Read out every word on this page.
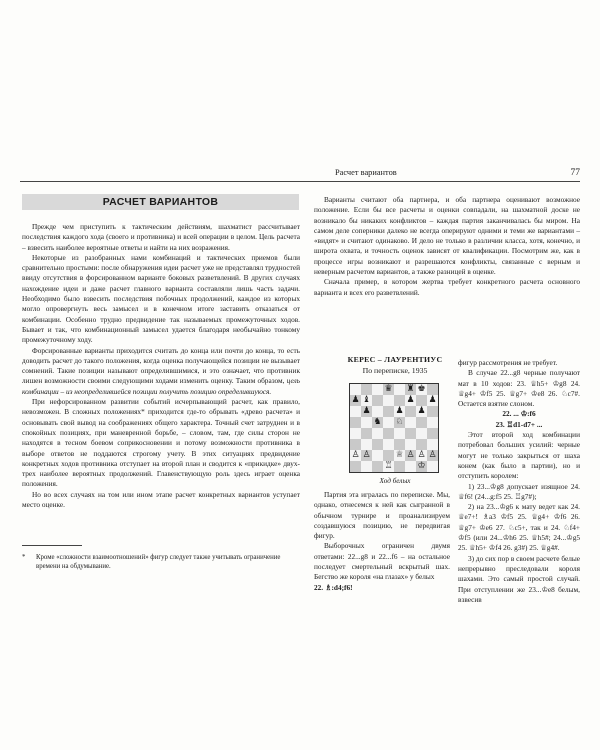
Расчет вариантов	77
РАСЧЕТ ВАРИАНТОВ

Прежде чем приступить к тактическим действиям, шахматист рассчитывает последствия каждого хода (своего и противника) и всей операции в целом. Цель расчета – взвесить наиболее вероятные ответы и найти на них возражения.

Некоторые из разобранных нами комбинаций и тактических приемов были сравнительно простыми: после обнаружения идеи расчет уже не представлял трудностей ввиду отсутствия в форсированном варианте боковых разветвлений. В других случаях нахождение идеи и даже расчет главного варианта составляли лишь часть задачи. Необходимо было взвесить последствия побочных продолжений, каждое из которых могло опровергнуть весь замысел и в конечном итоге заставить отказаться от комбинации. Особенно трудно предвидение так называемых промежуточных ходов. Бывает и так, что комбинационный замысел удается благодаря необычайно тонкому промежуточному ходу.

Форсированные варианты приходится считать до конца или почти до конца, то есть доводить расчет до такого положения, когда оценка получающейся позиции не вызывает сомнений. Такие позиции называют определившимися, и это означает, что противник лишен возможности своими следующими ходами изменить оценку. Таким образом, цель комбинации – из неопределившейся позиции получить позицию определившуюся.

При нефорсированном развитии событий исчерпывающий расчет, как правило, невозможен. В сложных положениях* приходится где-то обрывать «древо расчета» и основывать свой вывод на соображениях общего характера. Точный счет затруднен и в спокойных позициях, при маневренной борьбе, – словом, там, где силы сторон не находятся в тесном боевом соприкосновении и потому возможности противника в выборе ответов не поддаются строгому учету. В этих ситуациях предвидение конкретных ходов противника отступает на второй план и сводится к «прикидке» двух-трех наиболее вероятных продолжений. Главенствующую роль здесь играет оценка положения.

Но во всех случаях на том или ином этапе расчет конкретных вариантов уступает место оценке.

*	Кроме «сложности взаимоотношений» фигур следует также учитывать ограничение времени на обдумывание.

Варианты считают оба партнера, и оба партнера оценивают возможное положение. Если бы все расчеты и оценки совпадали, на шахматной доске не возникало бы никаких конфликтов – каждая партия заканчивалась бы миром. На самом деле соперники далеко не всегда оперируют одними и теми же вариантами – «видят» и считают одинаково. И дело не только в различии класса, хотя, конечно, и широта охвата, и точность оценок зависят от квалификации. Посмотрим же, как в процессе игры возникают и разрешаются конфликты, связанные с верным и неверным расчетом вариантов, а также разницей в оценке.

Сначала пример, в котором жертва требует конкретного расчета основного варианта и всех его разветвлений.

КЕРЕС – ЛАУРЕНТИУС
По переписке, 1935
♛ ♜ ♚
♟ ♝	♟ ♟
♟	♟ ♟
♞ ♘
♙ ♙	♕ ♙ ♙ ♙
♖	♔
Ход белых

Партия эта игралась по переписке. Мы, однако, отнесемся к ней как сыгранной в обычном турнире и проанализируем создавшуюся позицию, не передвигая фигур.

Выборочных ограничен двумя ответами: 22...g8 и 22...f6 – на остальное последует смертельный вскрытый шах. Бегство же короля «на глазах» у белых

22. ♗:d4;f6!

фигур рассмотрения не требует.

В случае 22...g8 черные получают мат в 10 ходов: 23. ♕h5+ ♔g8 24. ♕g4+ ♔f5 25. ♕g7+ ♔e8 26. ♘c7#. Остается взятие слоном.

22. ... ♔:f6

23. ♖d1-d7+ ...

Этот второй ход комбинации потребовал больших усилий: черные могут не только закрыться от шаха конем (как было в партии), но и отступить королем:

1) 23...♔g8 допускает изящное 24. ♕f6! (24...g:f5 25. ♖g7#);

2) на 23...♔g6 к мату ведет как 24. ♕e7+! ♗a3 ♔f5 25. ♕g4+ ♔f6 26. ♕g7+ ♔e6 27. ♘c5+, так и 24. ♘f4+ ♔f5 (или 24...♔h6 25. ♕h5#; 24...♔g5 25. ♕h5+ ♔f4 26. g3#) 25. ♕g4#.

3) до сих пор в своем расчете белые непрерывно преследовали короля шахами. Это самый простой случай. При отступлении же 23...♔e8 белым, взвесив
